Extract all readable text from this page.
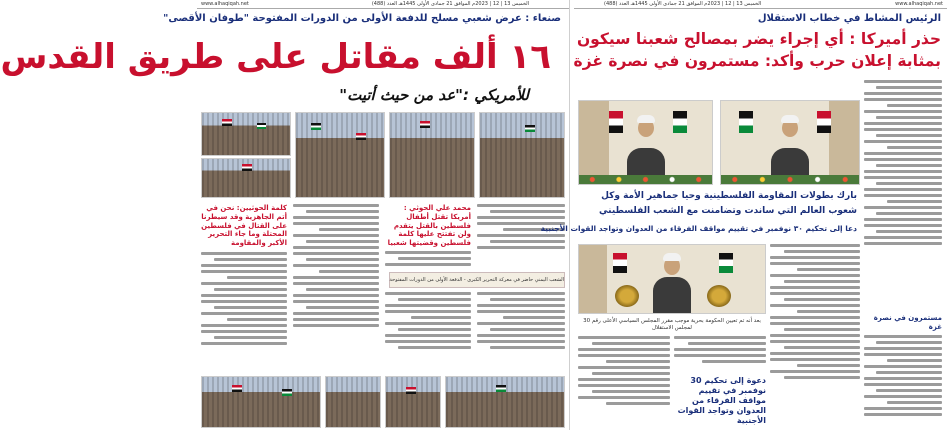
www.alhaqiqah.net	الخميس 13 | 12 | 2023م الموافق 21 جمادى الأولى 1445هـ العدد (488)
صنعاء : عرض شعبي مسلح للدفعة الأولى من الدورات المفتوحة "طوفان الأقصى"
١٦ ألف مقاتل على طريق القدس
للأمريكي :"عد من حيث أتيت"
كلمة الحوثيين: نحن في أتم الجاهزية وقد سيطرنا على القتال في فلسطين المحتلة وما جاء التحرير الأكبر والمقاومة
محمد علي الحوثي : أمريكا تقتل أطفال فلسطين بالقتل يتقدم ولن تفتتح عليها كلمة فلسطين وقضيتها شعبيا
الشعب اليمني حاضر في معركة التحرير الكبرى - الدفعة الأولى من الدورات المفتوحة
www.alhaqiqah.net
الخميس 13 | 12 | 2023م الموافق 21 جمادى الأولى 1445هـ العدد (488)
الرئيس المشاط في خطاب الاستقلال
حذر أميركا : أي إجراء يضر بمصالح شعبنا سيكون
بمثابة إعلان حرب وأكد: مستمرون في نصرة غزة
بارك بطولات المقاومة الفلسطينية وحيا جماهير الأمة وكل
شعوب العالم التي ساندت وتضامنت مع الشعب الفلسطيني
دعا إلى تحكيم ٣٠ نوفمبر في تقييم مواقف الفرقاء من العدوان وتواجد القوات الأجنبية
مستمرون في نصرة غزة
بعد أنه تم تعيين الحكومة بحرية موجب مقرر المجلس السياسي الأعلى رقم 30 لمجلس الاستقلال
دعوة إلى تحكيم 30 نوفمبر في تقييم مواقف الفرقاء من العدوان وتواجد القوات الأجنبية
